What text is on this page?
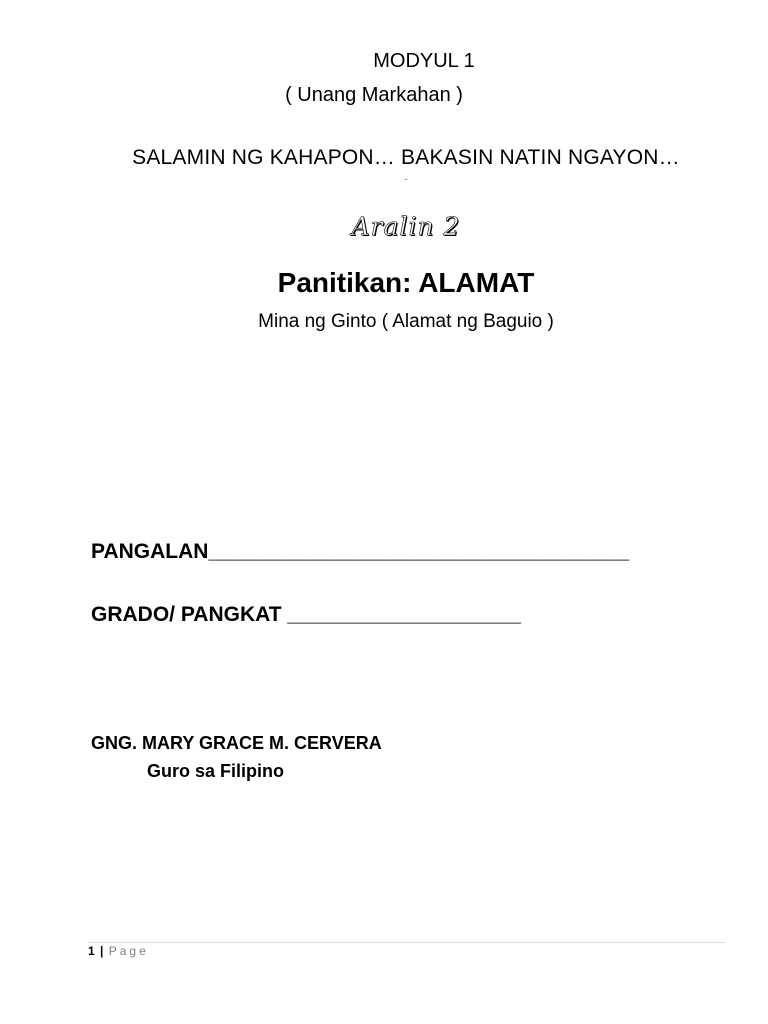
MODYUL 1
( Unang Markahan )
SALAMIN NG KAHAPON… BAKASIN NATIN NGAYON…
.
Aralin 2
Panitikan: ALAMAT
Mina ng Ginto ( Alamat ng Baguio )
PANGALAN____________________________________
GRADO/ PANGKAT ____________________
GNG. MARY GRACE M. CERVERA
Guro sa Filipino
1 | Page
